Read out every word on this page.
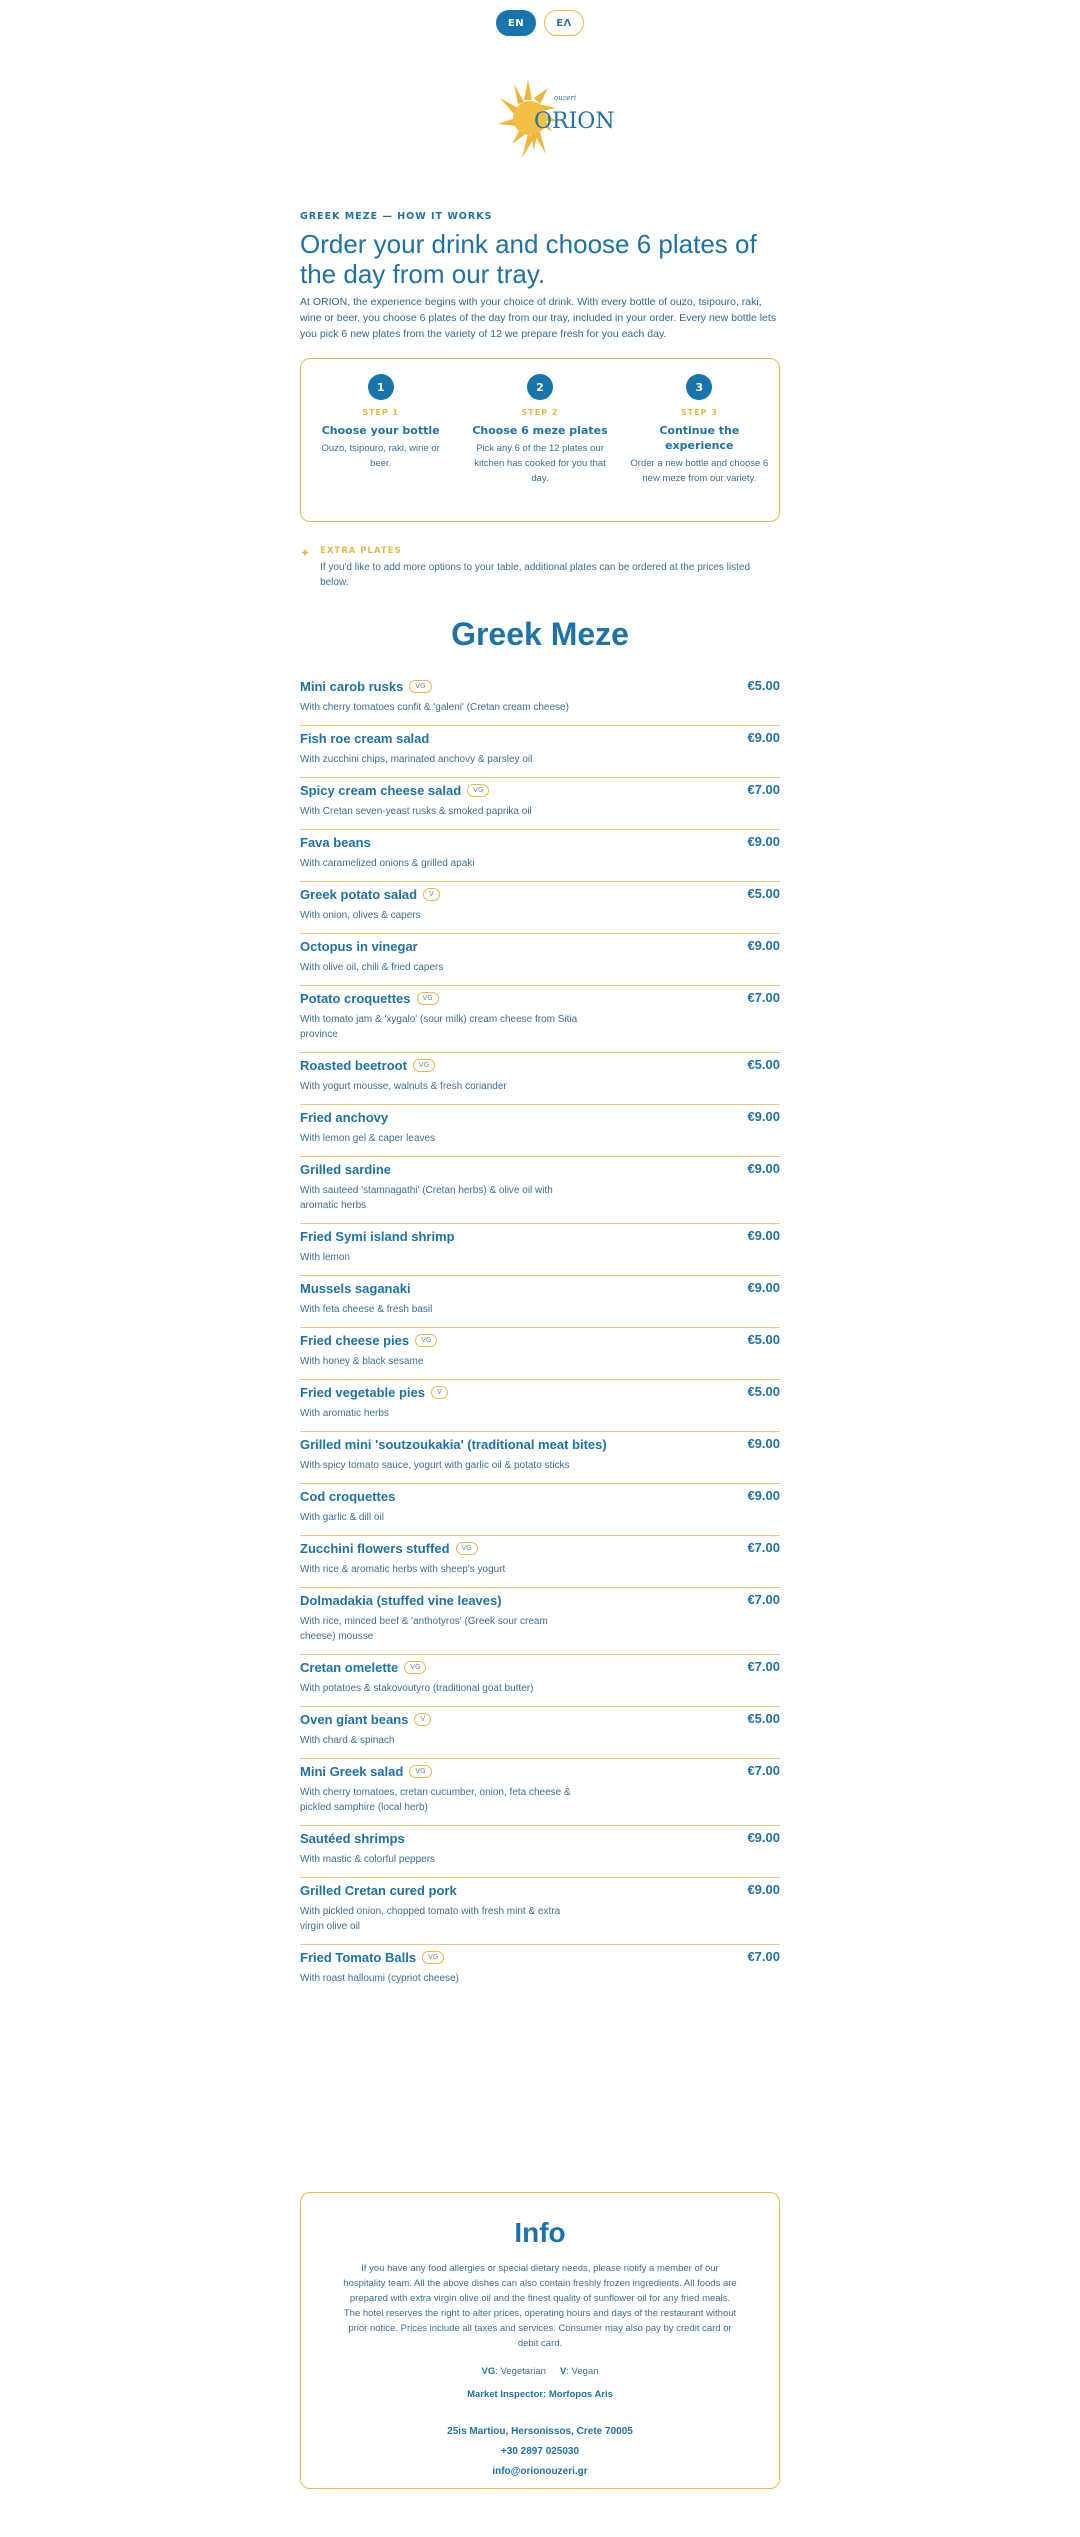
EN	ΕΛ
ouzeri
ORION
GREEK MEZE — HOW IT WORKS
Order your drink and choose 6 plates of the day from our tray.

At ORION, the experience begins with your choice of drink. With every bottle of ouzo, tsipouro, raki, wine or beer, you choose 6 plates of the day from our tray, included in your order. Every new bottle lets you pick 6 new plates from the variety of 12 we prepare fresh for you each day.

1
STEP 1
Choose your bottle
Ouzo, tsipouro, raki, wine or beer.
2
STEP 2
Choose 6 meze plates
Pick any 6 of the 12 plates our kitchen has cooked for you that day.
3
STEP 3
Continue the experience
Order a new bottle and choose 6 new meze from our variety.
✦ EXTRA PLATES
If you'd like to add more options to your table, additional plates can be ordered at the prices listed below.
Greek Meze
Mini carob rusks	VG	€5.00
With cherry tomatoes confit & 'galeni' (Cretan cream cheese)
Fish roe cream salad	€9.00
With zucchini chips, marinated anchovy & parsley oil
Spicy cream cheese salad	VG	€7.00
With Cretan seven-yeast rusks & smoked paprika oil
Fava beans	€9.00
With caramelized onions & grilled apaki
Greek potato salad	V	€5.00
With onion, olives & capers
Octopus in vinegar	€9.00
With olive oil, chili & fried capers
Potato croquettes	VG	€7.00
With tomato jam & 'xygalo' (sour milk) cream cheese from Sitia province
Roasted beetroot	VG	€5.00
With yogurt mousse, walnuts & fresh coriander
Fried anchovy	€9.00
With lemon gel & caper leaves
Grilled sardine	€9.00
With sauteed 'stamnagathi' (Cretan herbs) & olive oil with aromatic herbs
Fried Symi island shrimp	€9.00
With lemon
Mussels saganaki	€9.00
With feta cheese & fresh basil
Fried cheese pies	VG	€5.00
With honey & black sesame
Fried vegetable pies	V	€5.00
With aromatic herbs
Grilled mini 'soutzoukakia' (traditional meat bites)	€9.00
With spicy tomato sauce, yogurt with garlic oil & potato sticks
Cod croquettes	€9.00
With garlic & dill oil
Zucchini flowers stuffed	VG	€7.00
With rice & aromatic herbs with sheep's yogurt
Dolmadakia (stuffed vine leaves)	€7.00
With rice, minced beef & 'anthotyros' (Greek sour cream cheese) mousse
Cretan omelette	VG	€7.00
With potatoes & stakovoutyro (traditional goat butter)
Oven giant beans	V	€5.00
With chard & spinach
Mini Greek salad	VG	€7.00
With cherry tomatoes, cretan cucumber, onion, feta cheese & pickled samphire (local herb)
Sautéed shrimps	€9.00
With mastic & colorful peppers
Grilled Cretan cured pork	€9.00
With pickled onion, chopped tomato with fresh mint & extra virgin olive oil
Fried Tomato Balls	VG	€7.00
With roast halloumi (cypriot cheese)
Info

If you have any food allergies or special dietary needs, please notify a member of our hospitality team. All the above dishes can also contain freshly frozen ingredients. All foods are prepared with extra virgin olive oil and the finest quality of sunflower oil for any fried meals. The hotel reserves the right to alter prices, operating hours and days of the restaurant without prior notice. Prices include all taxes and services. Consumer may also pay by credit card or debit card.

VG: Vegetarian V: Vegan
Market Inspector: Morfopos Aris
25is Martiou, Hersonissos, Crete 70005
+30 2897 025030
info@orionouzeri.gr
